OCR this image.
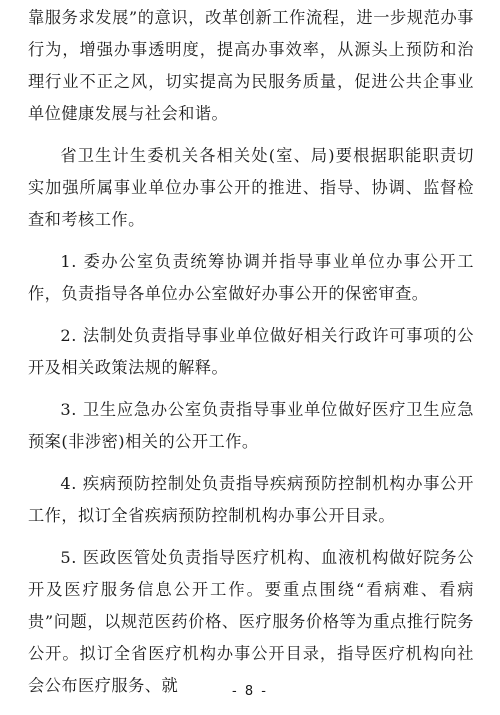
靠服务求发展”的意识，改革创新工作流程，进一步规范办事行为，增强办事透明度，提高办事效率，从源头上预防和治理行业不正之风，切实提高为民服务质量，促进公共企事业单位健康发展与社会和谐。

省卫生计生委机关各相关处(室、局)要根据职能职责切实加强所属事业单位办事公开的推进、指导、协调、监督检查和考核工作。

1. 委办公室负责统筹协调并指导事业单位办事公开工作，负责指导各单位办公室做好办事公开的保密审查。

2. 法制处负责指导事业单位做好相关行政许可事项的公开及相关政策法规的解释。

3. 卫生应急办公室负责指导事业单位做好医疗卫生应急预案(非涉密)相关的公开工作。

4. 疾病预防控制处负责指导疾病预防控制机构办事公开工作，拟订全省疾病预防控制机构办事公开目录。

5. 医政医管处负责指导医疗机构、血液机构做好院务公开及医疗服务信息公开工作。要重点围绕“看病难、看病贵”问题，以规范医药价格、医疗服务价格等为重点推行院务公开。拟订全省医疗机构办事公开目录，指导医疗机构向社会公布医疗服务、就	- 8 -
